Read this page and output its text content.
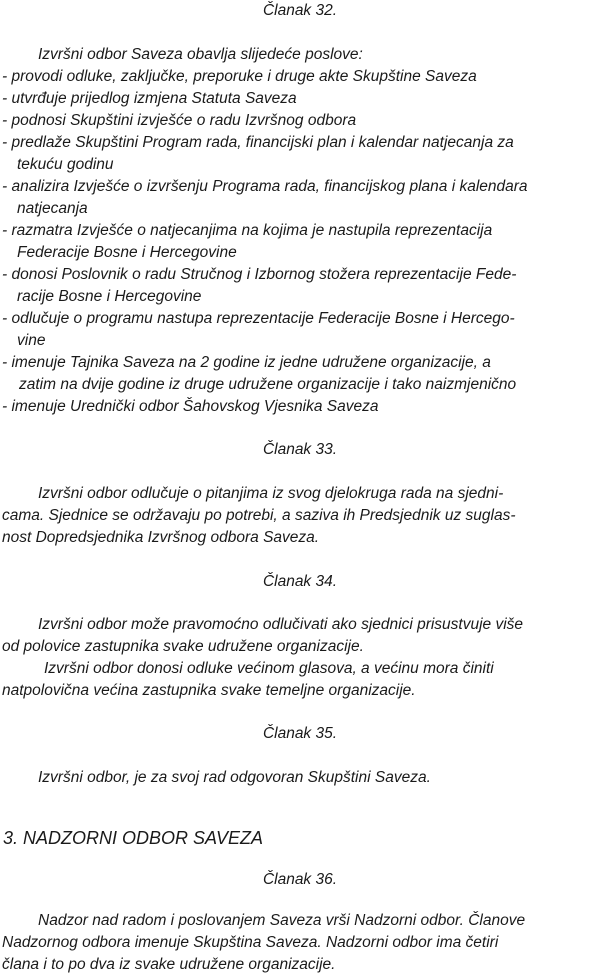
Članak 32.
Izvršni odbor Saveza obavlja slijedeće poslove:
- provodi odluke, zaključke, preporuke i druge akte Skupštine Saveza
- utvrđuje prijedlog izmjena Statuta Saveza
- podnosi Skupštini izvješće o radu Izvršnog odbora
- predlaže Skupštini Program rada, financijski plan i kalendar natjecanja za
tekuću godinu
- analizira Izvješće o izvršenju Programa rada, financijskog plana i kalendara
natjecanja
- razmatra Izvješće o natjecanjima na kojima je nastupila reprezentacija
Federacije Bosne i Hercegovine
- donosi Poslovnik o radu Stručnog i Izbornog stožera reprezentacije Fede-
racije Bosne i Hercegovine
- odlučuje o programu nastupa reprezentacije Federacije Bosne i Hercego-
vine
- imenuje Tajnika Saveza na 2 godine iz jedne udružene organizacije, a
zatim na dvije godine iz druge udružene organizacije i tako naizmjenično
- imenuje Urednički odbor Šahovskog Vjesnika Saveza
Članak 33.
Izvršni odbor odlučuje o pitanjima iz svog djelokruga rada na sjedni-
cama. Sjednice se održavaju po potrebi, a saziva ih Predsjednik uz suglas-
nost Dopredsjednika Izvršnog odbora Saveza.
Članak 34.
Izvršni odbor može pravomoćno odlučivati ako sjednici prisustvuje više
od polovice zastupnika svake udružene organizacije.
Izvršni odbor donosi odluke većinom glasova, a većinu mora činiti
natpolovična većina zastupnika svake temeljne organizacije.
Članak 35.
Izvršni odbor, je za svoj rad odgovoran Skupštini Saveza.
3. NADZORNI ODBOR SAVEZA
Članak 36.
Nadzor nad radom i poslovanjem Saveza vrši Nadzorni odbor. Članove
Nadzornog odbora imenuje Skupština Saveza. Nadzorni odbor ima četiri
člana i to po dva iz svake udružene organizacije.
